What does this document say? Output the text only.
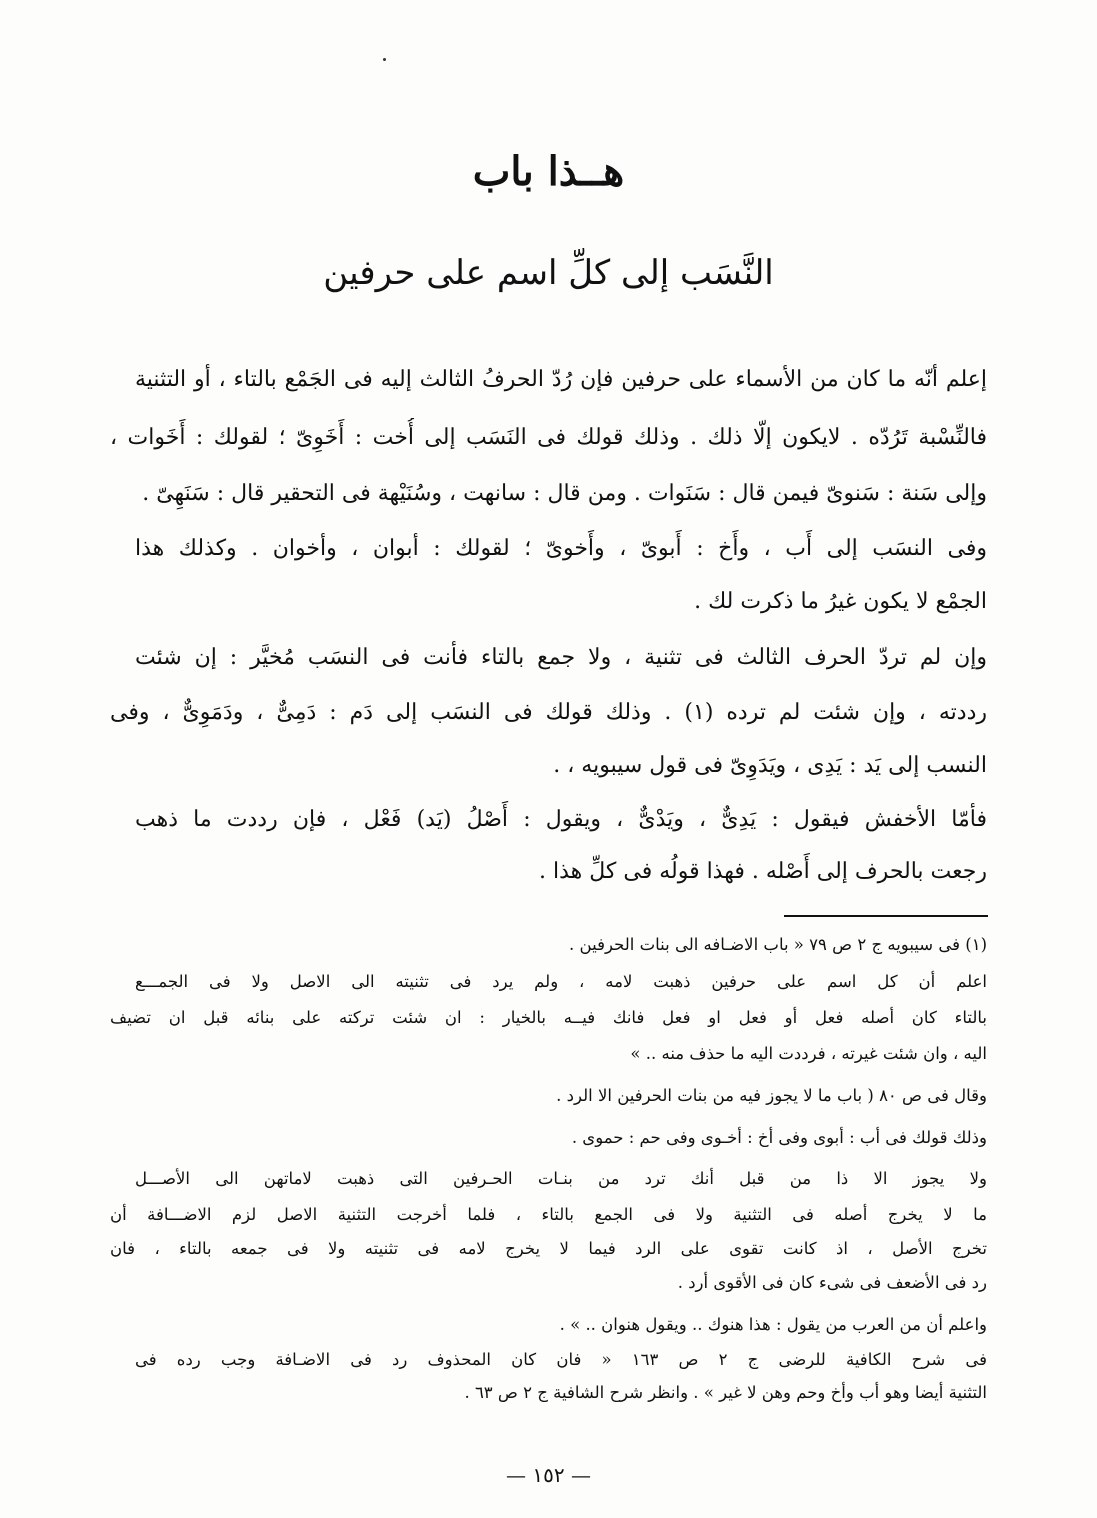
هــذا باب
النَّسَب إلى كلِّ اسم على حرفين
إعلم أنّه ما كان من الأسماء على حرفين فإن رُدّ الحرفُ الثالث إليه فى الجَمْع بالتاء ، أو التثنية
فالنِّسْبة تَرُدّه . لايكون إلّا ذلك . وذلك قولك فى النَسَب إلى أُخت : أَخَوِىّ ؛ لقولك : أَخَوات ،
وإلى سَنة : سَنوىّ فيمن قال : سَنَوات . ومن قال : سانهت ، وسُنَيْهة فى التحقير قال : سَنَهِىّ .
وفى النسَب إلى أَب ، وأَخ : أَبوىّ ، وأَخوىّ ؛ لقولك : أبوان ، وأخوان . وكذلك هذا
الجمْع لا يكون غيرُ ما ذكرت لك .
وإن لم تردّ الحرف الثالث فى تثنية ، ولا جمع بالتاء فأنت فى النسَب مُخيَّر : إن شئت
رددته ، وإن شئت لم ترده (١) . وذلك قولك فى النسَب إلى دَم : دَمِىٌّ ، ودَمَوِىٌّ ، وفى
النسب إلى يَد : يَدِى ، ويَدَوِىّ فى قول سيبويه ، .
فأمّا الأخفش فيقول : يَدِىٌّ ، ويَدْىٌّ ، ويقول : أَصْلُ (يَد) فَعْل ، فإن رددت ما ذهب
رجعت بالحرف إلى أَصْله . فهذا قولُه فى كلِّ هذا .
(١) فى سيبويه ج ٢ ص ٧٩ « باب الاضـافه الى بنات الحرفين .
اعلم أن كل اسم على حرفين ذهبت لامه ، ولم يرد فى تثنيته الى الاصل ولا فى الجمـــع
بالتاء كان أصله فعل أو فعل او فعل فانك فيــه بالخيار : ان شئت تركته على بنائه قبل ان تضيف
اليه ، وان شئت غيرته ، فرددت اليه ما حذف منه .. »
وقال فى ص ٨٠ ( باب ما لا يجوز فيه من بنات الحرفين الا الرد .
وذلك قولك فى أب : أبوى وفى أخ : أخـوى وفى حم : حموى .
ولا يجوز الا ذا من قبل أنك ترد من بنـات الحـرفين التى ذهبت لاماتهن الى الأصـــل
ما لا يخرج أصله فى التثنية ولا فى الجمع بالتاء ، فلما أخرجت التثنية الاصل لزم الاضـــافة أن
تخرج الأصل ، اذ كانت تقوى على الرد فيما لا يخرج لامه فى تثنيته ولا فى جمعه بالتاء ، فان
رد فى الأضعف فى شىء كان فى الأقوى أرد .
واعلم أن من العرب من يقول : هذا هنوك .. ويقول هنوان .. » .
فى شرح الكافية للرضى ج ٢ ص ١٦٣ « فان كان المحذوف رد فى الاضـافة وجب رده فى
التثنية أيضا وهو أب وأخ وحم وهن لا غير » . وانظر شرح الشافية ج ٢ ص ٦٣ .
— ١٥٢ —
